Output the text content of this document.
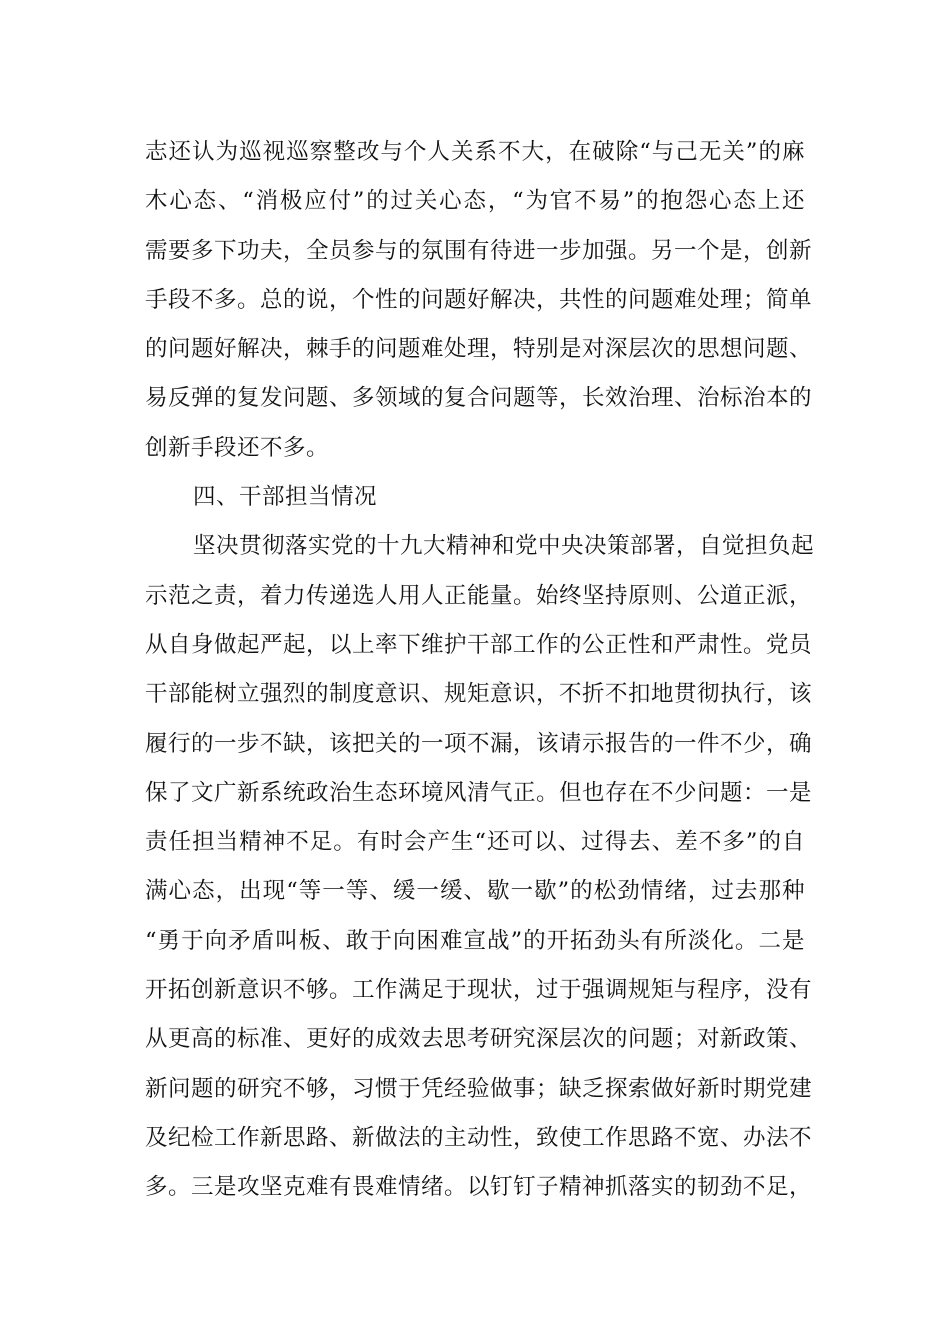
志还认为巡视巡察整改与个人关系不大，在破除“与己无关”的麻
木心态、“消极应付”的过关心态，“为官不易”的抱怨心态上还
需要多下功夫，全员参与的氛围有待进一步加强。另一个是，创新
手段不多。总的说，个性的问题好解决，共性的问题难处理；简单
的问题好解决，棘手的问题难处理，特别是对深层次的思想问题、
易反弹的复发问题、多领域的复合问题等，长效治理、治标治本的
创新手段还不多。
四、干部担当情况
坚决贯彻落实党的十九大精神和党中央决策部署，自觉担负起
示范之责，着力传递选人用人正能量。始终坚持原则、公道正派，
从自身做起严起，以上率下维护干部工作的公正性和严肃性。党员
干部能树立强烈的制度意识、规矩意识，不折不扣地贯彻执行，该
履行的一步不缺，该把关的一项不漏，该请示报告的一件不少，确
保了文广新系统政治生态环境风清气正。但也存在不少问题：一是
责任担当精神不足。有时会产生“还可以、过得去、差不多”的自
满心态，出现“等一等、缓一缓、歇一歇”的松劲情绪，过去那种
“勇于向矛盾叫板、敢于向困难宣战”的开拓劲头有所淡化。二是
开拓创新意识不够。工作满足于现状，过于强调规矩与程序，没有
从更高的标准、更好的成效去思考研究深层次的问题；对新政策、
新问题的研究不够，习惯于凭经验做事；缺乏探索做好新时期党建
及纪检工作新思路、新做法的主动性，致使工作思路不宽、办法不
多。三是攻坚克难有畏难情绪。以钉钉子精神抓落实的韧劲不足，
